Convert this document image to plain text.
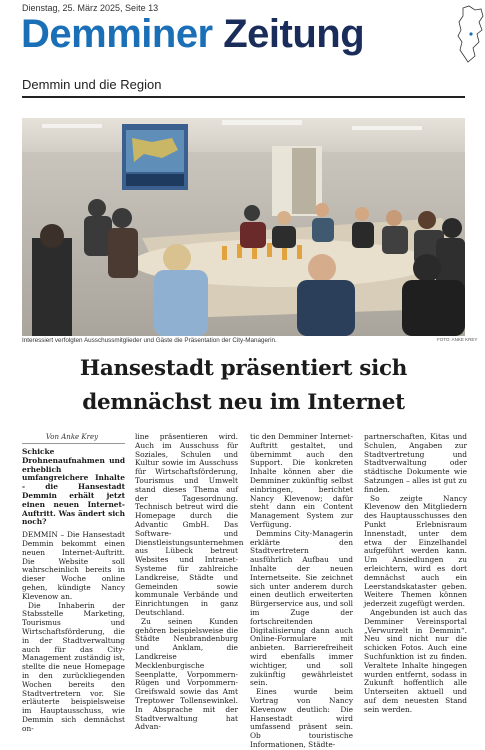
Dienstag, 25. März 2025, Seite 13
Demminer Zeitung
Demmin und die Region
Interessiert verfolgten Ausschussmitglieder und Gäste die Präsentation der City-Managerin.	FOTO: ANKE KREY
Hansestadt präsentiert sich
demnächst neu im Internet
Von Anke Krey

Schicke Drohnenaufnahmen und erheblich umfangreichere Inhalte - die Hansestadt Demmin erhält jetzt einen neuen Internet-Auftritt. Was ändert sich noch?

DEMMIN – Die Hansestadt Demmin bekommt einen neuen Internet-Auftritt. Die Website soll wahrscheinlich bereits in dieser Woche online gehen, kündigte Nancy Klevenow an.

Die Inhaberin der Stabsstelle Marketing, Tourismus und Wirtschaftsförderung, die in der Stadtverwaltung auch für das City-Management zuständig ist, stellte die neue Homepage in den zurückliegenden Wochen bereits den Stadtvertretern vor. Sie erläuterte beispielsweise im Hauptausschuss, wie Demmin sich demnächst on-

line präsentieren wird. Auch im Ausschuss für Soziales, Schulen und Kultur sowie im Ausschuss für Wirtschaftsförderung, Tourismus und Umwelt stand dieses Thema auf der Tagesordnung. Technisch betreut wird die Homepage durch die Advantic GmbH. Das Software- und Dienstleistungsunternehmen aus Lübeck betreut Websites und Intranet-Systeme für zahlreiche Landkreise, Städte und Gemeinden sowie kommunale Verbände und Einrichtungen in ganz Deutschland.

Zu seinen Kunden gehören beispielsweise die Städte Neubrandenburg und Anklam, die Landkreise Mecklenburgische Seenplatte, Vorpommern-Rügen und Vorpommern-Greifswald sowie das Amt Treptower Tollensewinkel. In Absprache mit der Stadtverwaltung hat Advan-

tic den Demminer Internet-Auftritt gestaltet, und übernimmt auch den Support. Die konkreten Inhalte können aber die Demminer zukünftig selbst einbringen, berichtet Nancy Klevenow; dafür steht dann ein Content Management System zur Verfügung.

Demmins City-Managerin erklärte den Stadtvertretern ausführlich Aufbau und Inhalte der neuen Internetseite. Sie zeichnet sich unter anderem durch einen deutlich erweiterten Bürgerservice aus, und soll im Zuge der fortschreitenden Digitalisierung dann auch Online-Formulare mit anbieten. Barrierefreiheit wird ebenfalls immer wichtiger, und soll zukünftig gewährleistet sein.

Eines wurde beim Vortrag von Nancy Klevenow deutlich: Die Hansestadt wird umfassend präsent sein. Ob touristische Informationen, Städte-

partnerschaften, Kitas und Schulen, Angaben zur Stadtvertretung und Stadtverwaltung oder städtische Dokumente wie Satzungen – alles ist gut zu finden.

So zeigte Nancy Klevenow den Mitgliedern des Hauptausschusses den Punkt Erlebnisraum Innenstadt, unter dem etwa der Einzelhandel aufgeführt werden kann. Um Ansiedlungen zu erleichtern, wird es dort demnächst auch ein Leerstandskataster geben. Weitere Themen können jederzeit zugefügt werden.

Angebunden ist auch das Demminer Vereinsportal „Verwurzelt in Demmin“. Neu sind nicht nur die schicken Fotos. Auch eine Suchfunktion ist zu finden. Veraltete Inhalte hingegen wurden entfernt, sodass in Zukunft hoffentlich alle Unterseiten aktuell und auf dem neuesten Stand sein werden.
